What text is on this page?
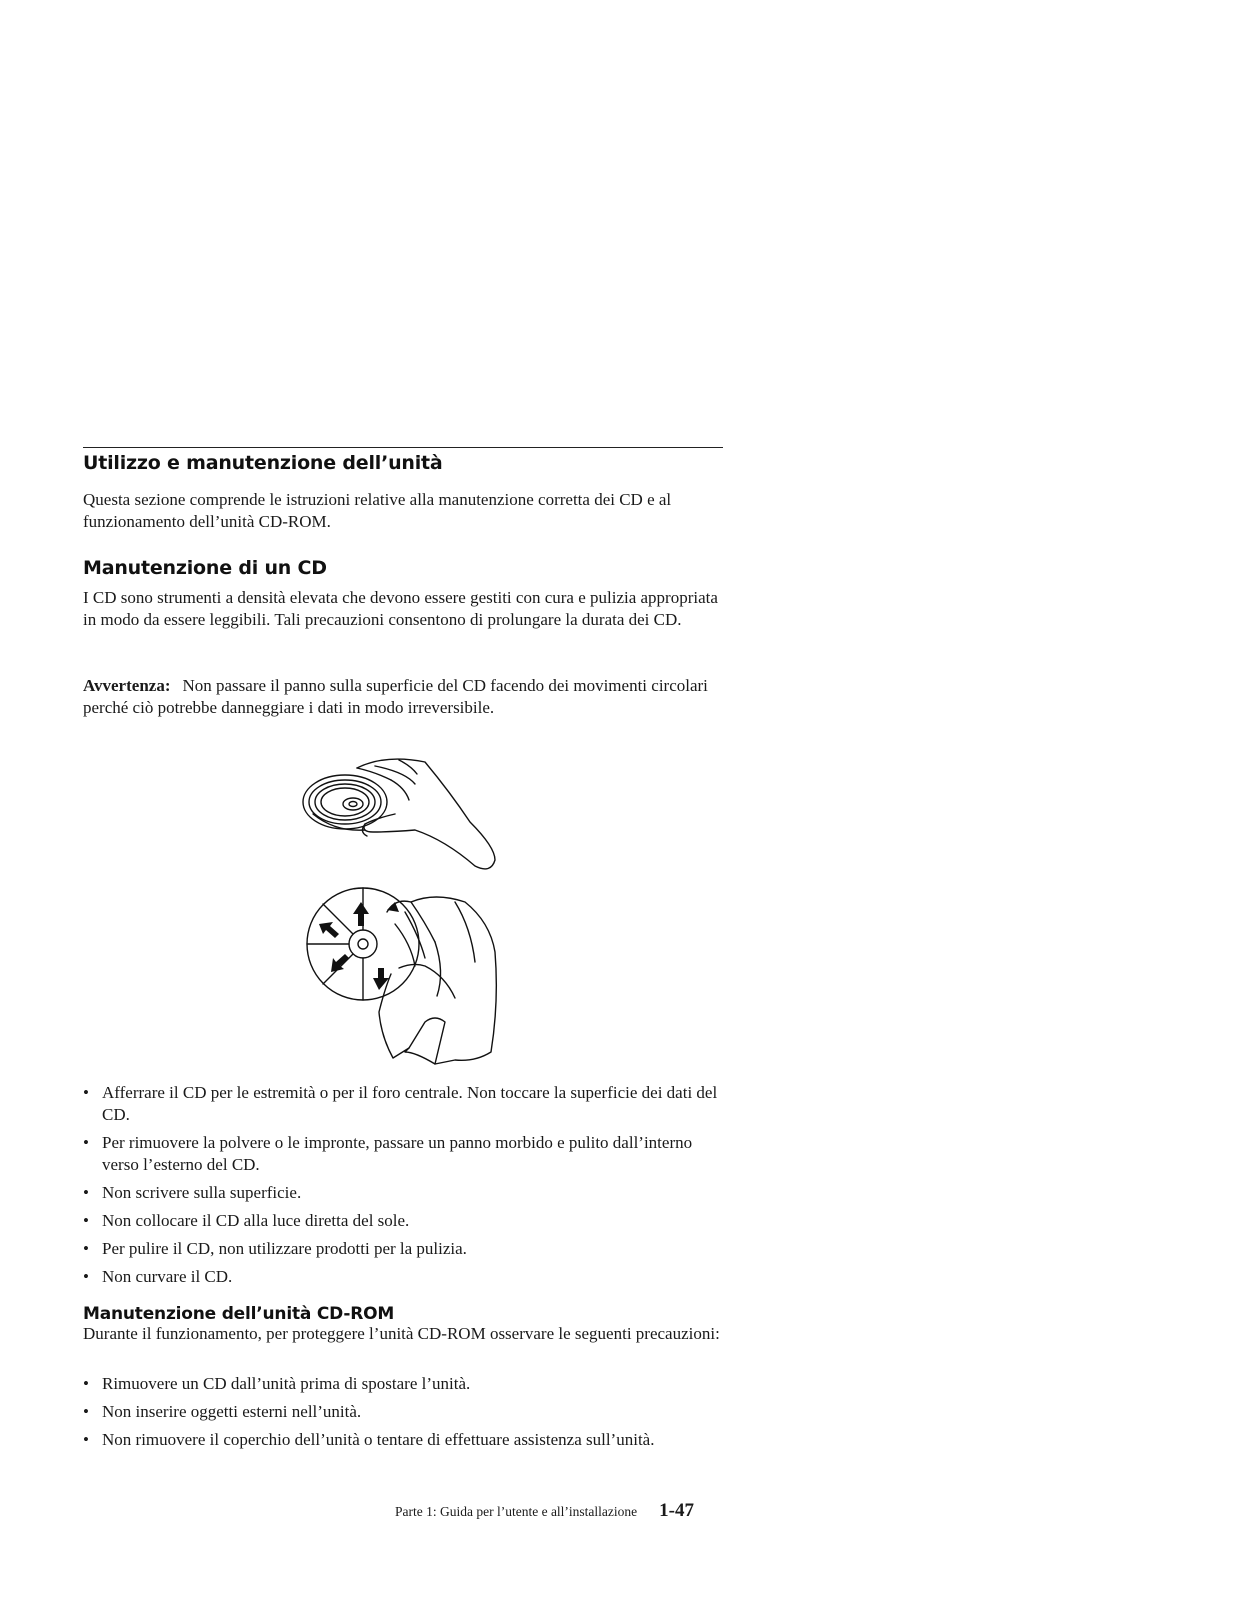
Utilizzo e manutenzione dell’unità

Questa sezione comprende le istruzioni relative alla manutenzione corretta dei CD e al funzionamento dell’unità CD-ROM.

Manutenzione di un CD

I CD sono strumenti a densità elevata che devono essere gestiti con cura e pulizia appropriata in modo da essere leggibili. Tali precauzioni consentono di prolungare la durata dei CD.

Avvertenza: Non passare il panno sulla superficie del CD facendo dei movimenti circolari perché ciò potrebbe danneggiare i dati in modo irreversibile.

• Afferrare il CD per le estremità o per il foro centrale. Non toccare la superficie dei dati del CD.
• Per rimuovere la polvere o le impronte, passare un panno morbido e pulito dall’interno verso l’esterno del CD.
• Non scrivere sulla superficie.
• Non collocare il CD alla luce diretta del sole.
• Per pulire il CD, non utilizzare prodotti per la pulizia.
• Non curvare il CD.
Manutenzione dell’unità CD-ROM

Durante il funzionamento, per proteggere l’unità CD-ROM osservare le seguenti precauzioni:

• Rimuovere un CD dall’unità prima di spostare l’unità.
• Non inserire oggetti esterni nell’unità.
• Non rimuovere il coperchio dell’unità o tentare di effettuare assistenza sull’unità.
Parte 1: Guida per l’utente e all’installazione 1-47
